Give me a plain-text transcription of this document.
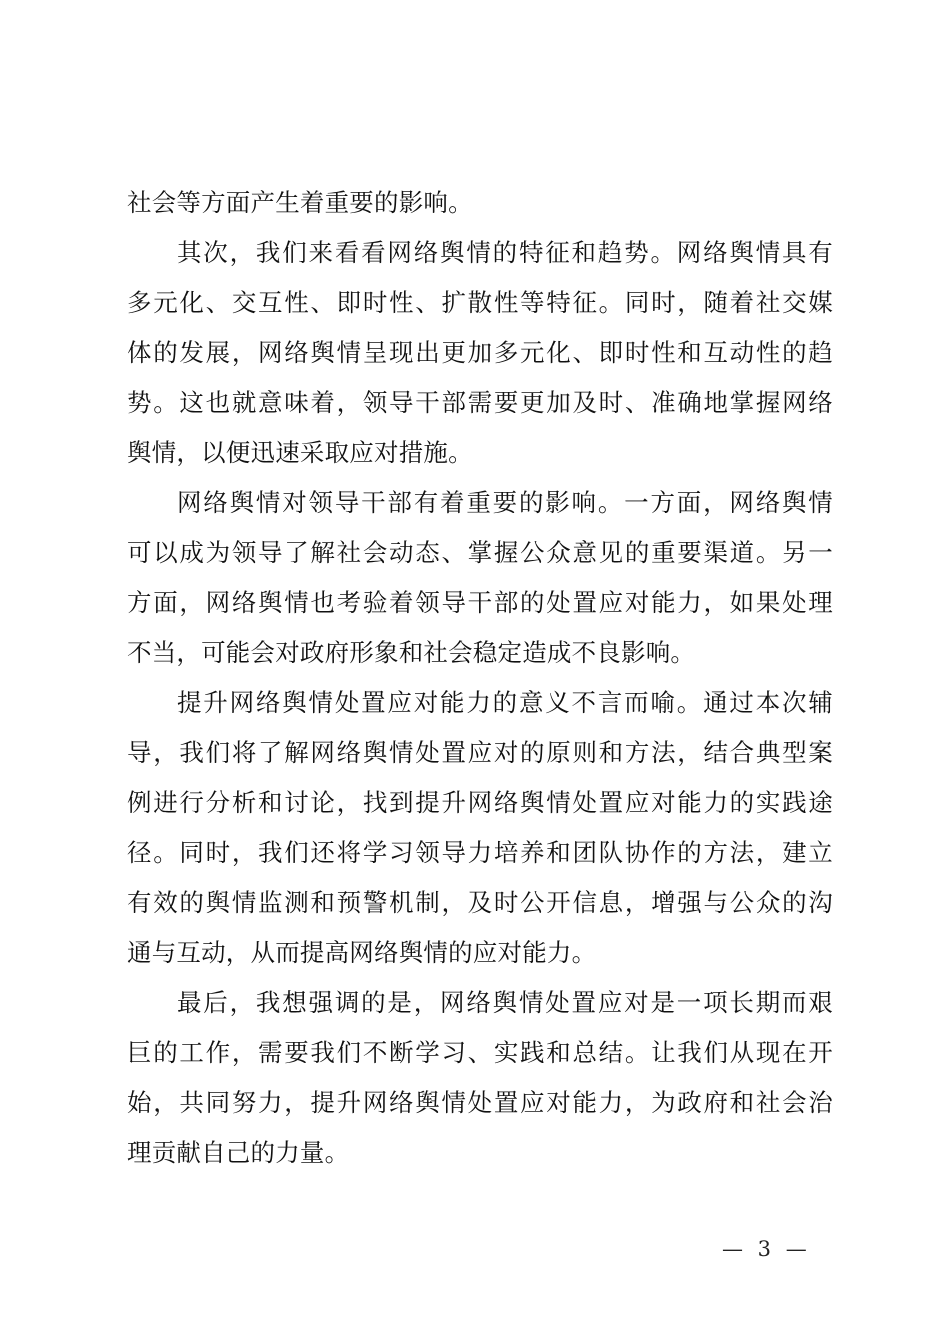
社会等方面产生着重要的影响。
其次，我们来看看网络舆情的特征和趋势。网络舆情具有
多元化、交互性、即时性、扩散性等特征。同时，随着社交媒
体的发展，网络舆情呈现出更加多元化、即时性和互动性的趋
势。这也就意味着，领导干部需要更加及时、准确地掌握网络
舆情，以便迅速采取应对措施。
网络舆情对领导干部有着重要的影响。一方面，网络舆情
可以成为领导了解社会动态、掌握公众意见的重要渠道。另一
方面，网络舆情也考验着领导干部的处置应对能力，如果处理
不当，可能会对政府形象和社会稳定造成不良影响。
提升网络舆情处置应对能力的意义不言而喻。通过本次辅
导，我们将了解网络舆情处置应对的原则和方法，结合典型案
例进行分析和讨论，找到提升网络舆情处置应对能力的实践途
径。同时，我们还将学习领导力培养和团队协作的方法，建立
有效的舆情监测和预警机制，及时公开信息，增强与公众的沟
通与互动，从而提高网络舆情的应对能力。
最后，我想强调的是，网络舆情处置应对是一项长期而艰
巨的工作，需要我们不断学习、实践和总结。让我们从现在开
始，共同努力，提升网络舆情处置应对能力，为政府和社会治
理贡献自己的力量。
— 3 —
